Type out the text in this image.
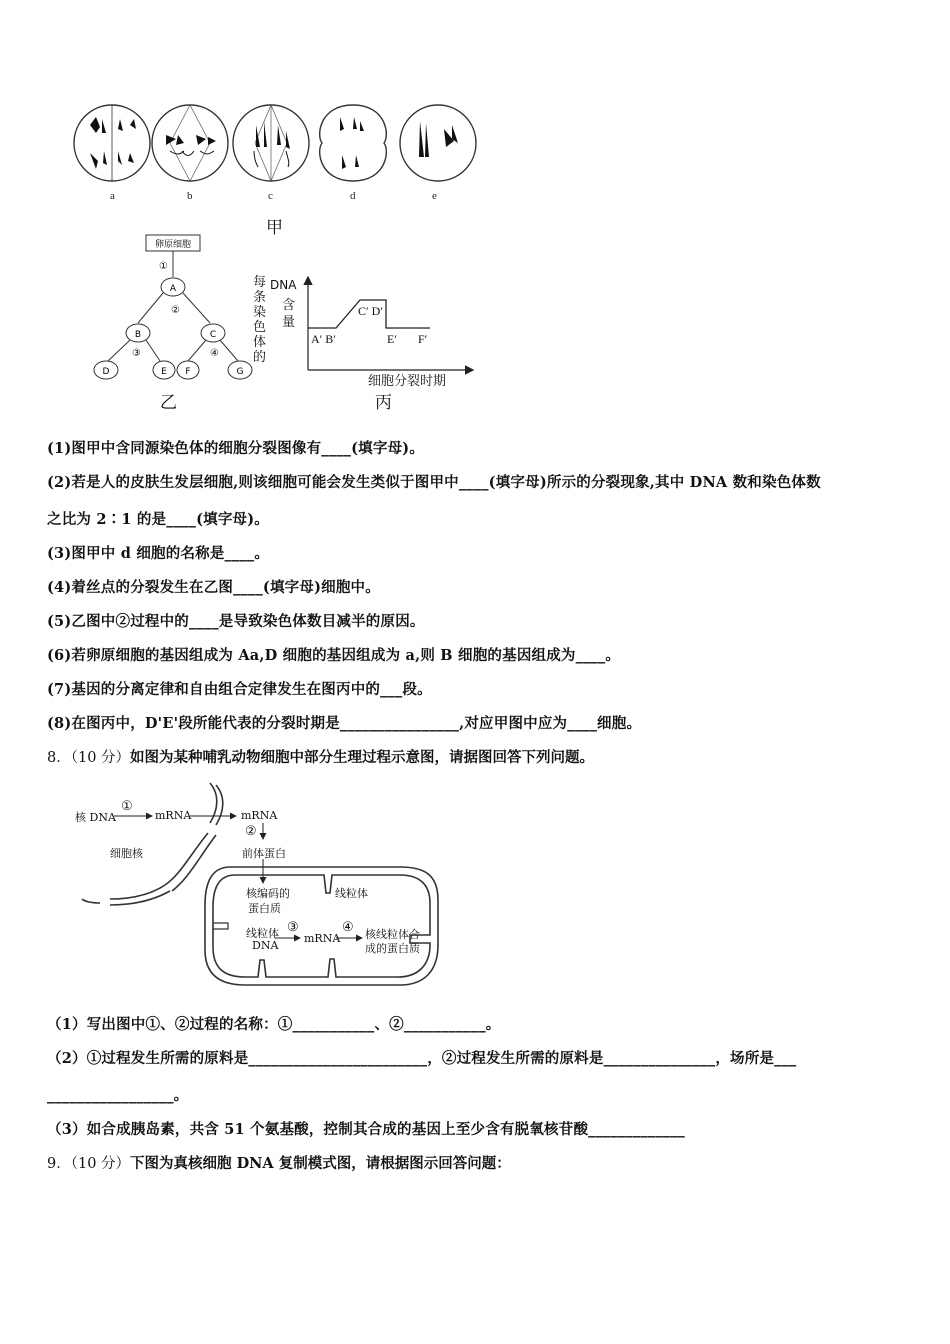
a	b	c	d	e
甲
卵原细胞
①
A
②
B	C
③	④
D	E F	G
乙
每
条
染
色
体
的
DNA
含
量
C′ D′
A′ B′	E′ F′
细胞分裂时期
丙
(1)图甲中含同源染色体的细胞分裂图像有____(填字母)。
(2)若是人的皮肤生发层细胞,则该细胞可能会发生类似于图甲中____(填字母)所示的分裂现象,其中 DNA 数和染色体数
之比为 2∶1 的是____(填字母)。
(3)图甲中 d 细胞的名称是____。
(4)着丝点的分裂发生在乙图____(填字母)细胞中。
(5)乙图中②过程中的____是导致染色体数目减半的原因。
(6)若卵原细胞的基因组成为 Aa,D 细胞的基因组成为 a,则 B 细胞的基因组成为____。
(7)基因的分离定律和自由组合定律发生在图丙中的___段。
(8)在图丙中，D'E'段所能代表的分裂时期是________________,对应甲图中应为____细胞。
8．（10 分）如图为某种哺乳动物细胞中部分生理过程示意图，请据图回答下列问题。
核 DNA
①
mRNA	mRNA
②
细胞核	前体蛋白
核编码的
蛋白质
线粒体
线粒体
DNA
③
mRNA
④ 核线粒体合
成的蛋白质
（1）写出图中①、②过程的名称：①___________、②___________。
（2）①过程发生所需的原料是________________________，②过程发生所需的原料是_______________，场所是___
_________________。
（3）如合成胰岛素，共含 51 个氨基酸，控制其合成的基因上至少含有脱氧核苷酸_____________
9．（10 分）下图为真核细胞 DNA 复制模式图，请根据图示回答问题：
